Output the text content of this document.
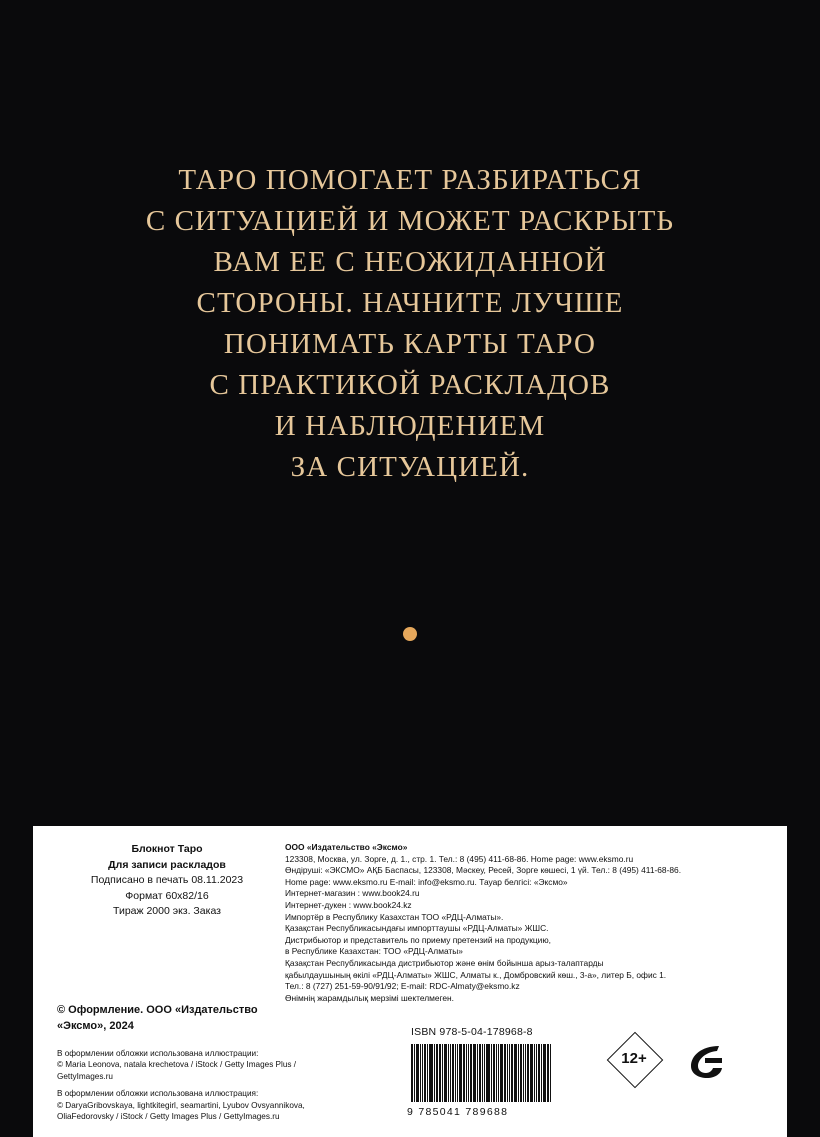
ТАРО ПОМОГАЕТ РАЗБИРАТЬСЯ
С СИТУАЦИЕЙ И МОЖЕТ РАСКРЫТЬ
ВАМ ЕЕ С НЕОЖИДАННОЙ
СТОРОНЫ. НАЧНИТЕ ЛУЧШЕ
ПОНИМАТЬ КАРТЫ ТАРО
С ПРАКТИКОЙ РАСКЛАДОВ
И НАБЛЮДЕНИЕМ
ЗА СИТУАЦИЕЙ.
Блокнот Таро
Для записи раскладов
Подписано в печать 08.11.2023
Формат 60х82/16
Тираж 2000 экз. Заказ
ООО «Издательство «Эксмо»
123308, Москва, ул. Зорге, д. 1., стр. 1. Тел.: 8 (495) 411-68-86. Home page: www.eksmo.ru
Өндіруші: «ЭКСМО» АҚБ Баспасы, 123308, Мәскеу, Ресей, Зорге көшесі, 1 үй. Тел.: 8 (495) 411-68-86.
Home page: www.eksmo.ru E-mail: info@eksmo.ru. Тауар белгісі: «Эксмо»
Интернет-магазин : www.book24.ru
Интернет-дукен : www.book24.kz
Импортёр в Республику Казахстан ТОО «РДЦ-Алматы».
Қазақстан Республикасындағы импорттаушы «РДЦ-Алматы» ЖШС.
Дистрибьютор и представитель по приему претензий на продукцию,
в Республике Казахстан: ТОО «РДЦ-Алматы»
Қазақстан Республикасында дистрибьютор және өнім бойынша арыз-талаптарды
қабылдаушының өкілі «РДЦ-Алматы» ЖШС, Алматы к., Домбровский көш., 3-a», литер Б, офис 1.
Тел.: 8 (727) 251-59-90/91/92; E-mail: RDC-Almaty@eksmo.kz
Өнімнің жарамдылық мерзімі шектелмеген.
© Оформление. ООО «Издательство
«Эксмо», 2024
В оформлении обложки использована иллюстрации:
© Maria Leonova, natala krechetova / iStock / Getty Images Plus /
GettyImages.ru
В оформлении обложки использована иллюстрация:
© DaryaGribovskaya, lightkitegirl, seamartini, Lyubov Ovsyannikova,
OliaFedorovsky / iStock / Getty Images Plus / GettyImages.ru
ISBN 978-5-04-178968-8
9 785041 789688
12+
